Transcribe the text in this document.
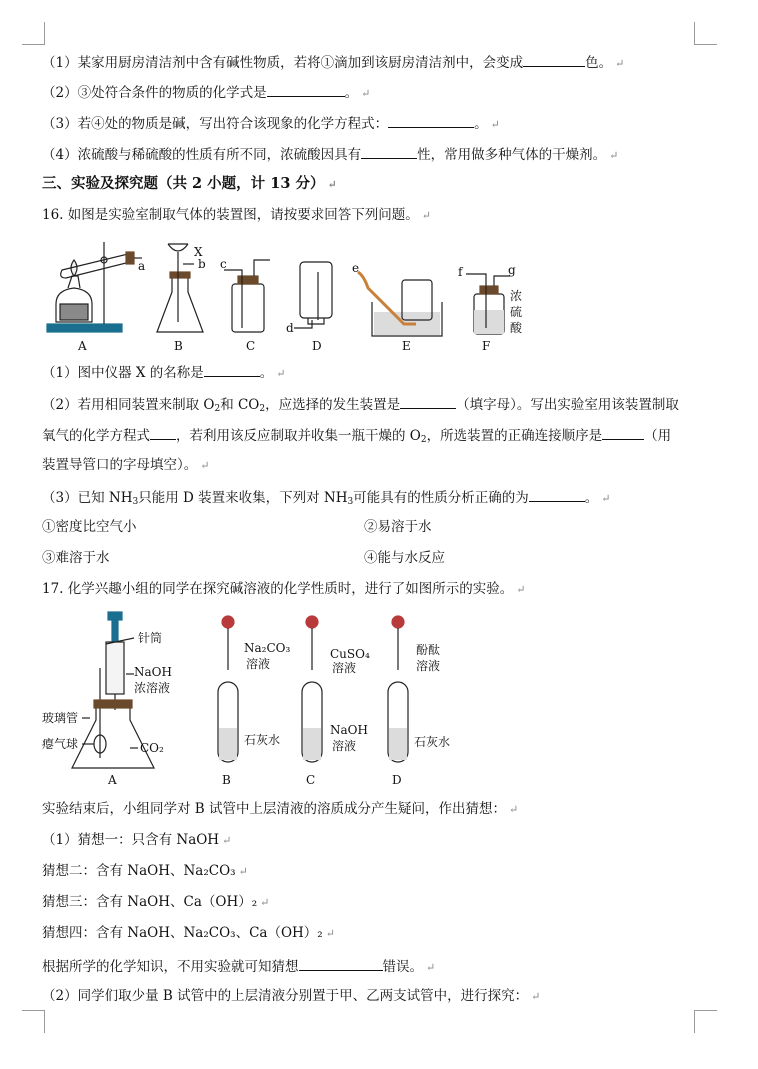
（1）某家用厨房清洁剂中含有碱性物质，若将①滴加到该厨房清洁剂中，会变成	色。 ↵
（2）③处符合条件的物质的化学式是	。 ↵
（3）若④处的物质是碱，写出符合该现象的化学方程式：	。 ↵
（4）浓硫酸与稀硫酸的性质有所不同，浓硫酸因具有	性，常用做多种气体的干燥剂。 ↵
三、实验及探究题（共 2 小题，计 13 分） ↵
16. 如图是实验室制取气体的装置图，请按要求回答下列问题。 ↵
a
X
b c
d
e	f	g
浓
硫
酸
A	B	C	D	E	F
（1）图中仪器 X 的名称是	。 ↵
（2）若用相同装置来制取 $O_2$和 $CO_2$，应选择的发生装置是	（填字母）。写出实验室用该装置制取
氧气的化学方程式 ，若利用该反应制取并收集一瓶干燥的 $O_2$，所选装置的正确连接顺序是	（用
装置导管口的字母填空）。 ↵
（3）已知 $NH_3$只能用 D 装置来收集，下列对 $NH_3$可能具有的性质分析正确的为	。 ↵
①密度比空气小	②易溶于水
③难溶于水	④能与水反应
17. 化学兴趣小组的同学在探究碱溶液的化学性质时，进行了如图所示的实验。 ↵
针筒
NaOH
浓溶液
玻璃管
瘪气球	CO₂
Na₂CO₃
溶液
石灰水
CuSO₄
溶液
NaOH
溶液
酚酞
溶液
石灰水
A	B	C	D
实验结束后，小组同学对 B 试管中上层清液的溶质成分产生疑问，作出猜想： ↵
（1）猜想一：只含有 NaOH ↵
猜想二：含有 NaOH、Na₂CO₃ ↵
猜想三：含有 NaOH、Ca（OH）₂ ↵
猜想四：含有 NaOH、Na₂CO₃、Ca（OH）₂ ↵
根据所学的化学知识，不用实验就可知猜想	错误。 ↵
（2）同学们取少量 B 试管中的上层清液分别置于甲、乙两支试管中，进行探究： ↵
